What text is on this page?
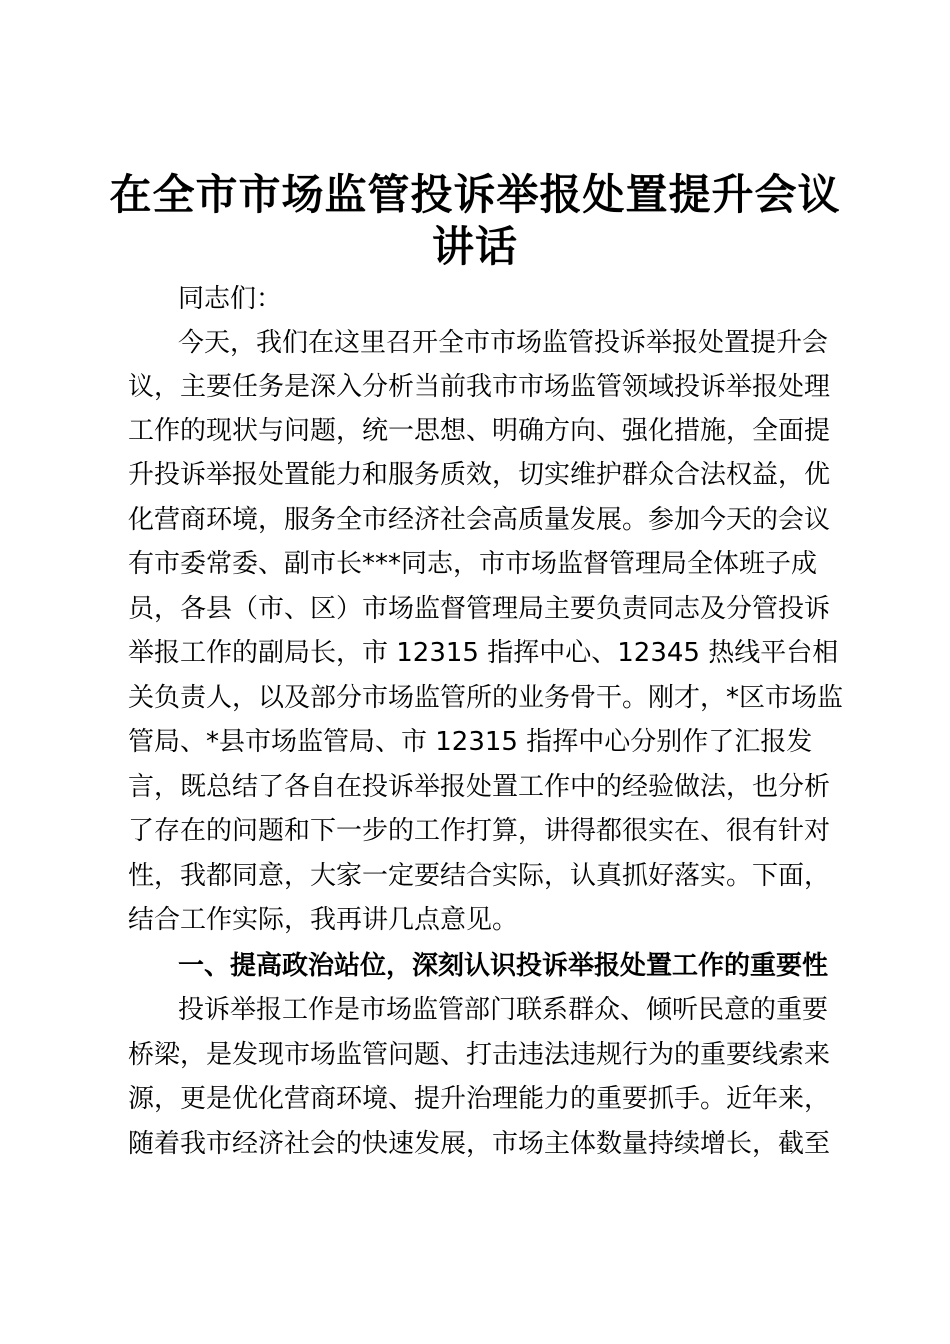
在全市市场监管投诉举报处置提升会议
讲话

同志们：

今天，我们在这里召开全市市场监管投诉举报处置提升会

议，主要任务是深入分析当前我市市场监管领域投诉举报处理

工作的现状与问题，统一思想、明确方向、强化措施，全面提

升投诉举报处置能力和服务质效，切实维护群众合法权益，优

化营商环境，服务全市经济社会高质量发展。参加今天的会议

有市委常委、副市长***同志，市市场监督管理局全体班子成

员，各县（市、区）市场监督管理局主要负责同志及分管投诉

举报工作的副局长，市 12315 指挥中心、12345 热线平台相

关负责人，以及部分市场监管所的业务骨干。刚才，*区市场监

管局、*县市场监管局、市 12315 指挥中心分别作了汇报发

言，既总结了各自在投诉举报处置工作中的经验做法，也分析

了存在的问题和下一步的工作打算，讲得都很实在、很有针对

性，我都同意，大家一定要结合实际，认真抓好落实。下面，

结合工作实际，我再讲几点意见。

一、提高政治站位，深刻认识投诉举报处置工作的重要性

投诉举报工作是市场监管部门联系群众、倾听民意的重要

桥梁，是发现市场监管问题、打击违法违规行为的重要线索来

源，更是优化营商环境、提升治理能力的重要抓手。近年来，

随着我市经济社会的快速发展，市场主体数量持续增长，截至
